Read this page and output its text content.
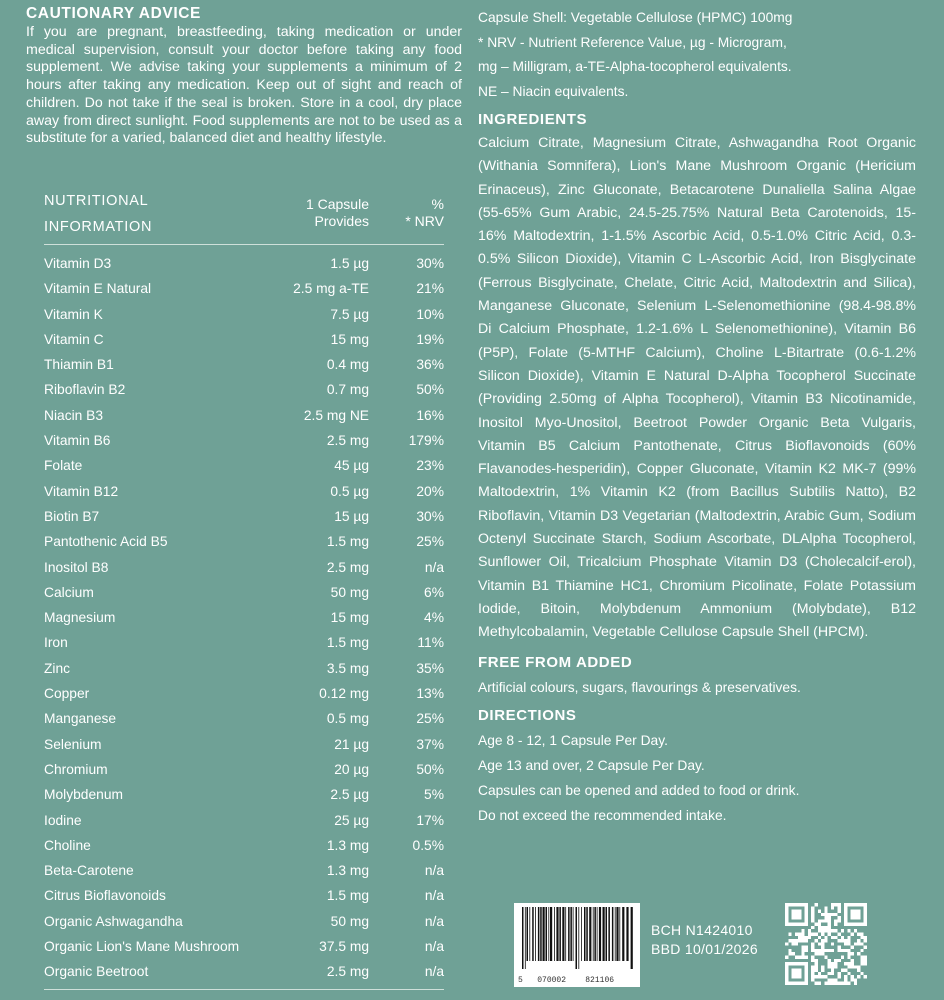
CAUTIONARY ADVICE

If you are pregnant, breastfeeding, taking medication or under medical supervision, consult your doctor before taking any food supplement. We advise taking your supplements a minimum of 2 hours after taking any medication. Keep out of sight and reach of children. Do not take if the seal is broken. Store in a cool, dry place away from direct sunlight. Food supplements are not to be used as a substitute for a varied, balanced diet and healthy lifestyle.

NUTRITIONAL
INFORMATION
1 Capsule
Provides
%
* NRV
Vitamin D3	1.5 µg	30%
Vitamin E Natural	2.5 mg a-TE	21%
Vitamin K	7.5 µg	10%
Vitamin C	15 mg	19%
Thiamin B1	0.4 mg	36%
Riboflavin B2	0.7 mg	50%
Niacin B3	2.5 mg NE	16%
Vitamin B6	2.5 mg	179%
Folate	45 µg	23%
Vitamin B12	0.5 µg	20%
Biotin B7	15 µg	30%
Pantothenic Acid B5	1.5 mg	25%
Inositol B8	2.5 mg	n/a
Calcium	50 mg	6%
Magnesium	15 mg	4%
Iron	1.5 mg	11%
Zinc	3.5 mg	35%
Copper	0.12 mg	13%
Manganese	0.5 mg	25%
Selenium	21 µg	37%
Chromium	20 µg	50%
Molybdenum	2.5 µg	5%
Iodine	25 µg	17%
Choline	1.3 mg	0.5%
Beta-Carotene	1.3 mg	n/a
Citrus Bioflavonoids	1.5 mg	n/a
Organic Ashwagandha	50 mg	n/a
Organic Lion's Mane Mushroom	37.5 mg	n/a
Organic Beetroot	2.5 mg	n/a

Capsule Shell: Vegetable Cellulose (HPMC) 100mg

* NRV - Nutrient Reference Value, µg - Microgram,

mg – Milligram, a-TE-Alpha-tocopherol equivalents.

NE – Niacin equivalents.

INGREDIENTS

Calcium Citrate, Magnesium Citrate, Ashwagandha Root Organic (Withania Somnifera), Lion's Mane Mushroom Organic (Hericium Erinaceus), Zinc Gluconate, Betacarotene Dunaliella Salina Algae (55-65% Gum Arabic, 24.5-25.75% Natural Beta Carotenoids, 15-16% Maltodextrin, 1-1.5% Ascorbic Acid, 0.5-1.0% Citric Acid, 0.3-0.5% Silicon Dioxide), Vitamin C L-Ascorbic Acid, Iron Bisglycinate (Ferrous Bisglycinate, Chelate, Citric Acid, Maltodextrin and Silica), Manganese Gluconate, Selenium L-Selenomethionine (98.4-98.8% Di Calcium Phosphate, 1.2-1.6% L Selenomethionine), Vitamin B6 (P5P), Folate (5-MTHF Calcium), Choline L-Bitartrate (0.6-1.2% Silicon Dioxide), Vitamin E Natural D-Alpha Tocopherol Succinate (Providing 2.50mg of Alpha Tocopherol), Vitamin B3 Nicotinamide, Inositol Myo-Unositol, Beetroot Powder Organic Beta Vulgaris, Vitamin B5 Calcium Pantothenate, Citrus Bioflavonoids (60% Flavanodes-hesperidin), Copper Gluconate, Vitamin K2 MK-7 (99% Maltodextrin, 1% Vitamin K2 (from Bacillus Subtilis Natto), B2 Riboflavin, Vitamin D3 Vegetarian (Maltodextrin, Arabic Gum, Sodium Octenyl Succinate Starch, Sodium Ascorbate, DLAlpha Tocopherol, Sunflower Oil, Tricalcium Phosphate Vitamin D3 (Cholecalcif-erol), Vitamin B1 Thiamine HC1, Chromium Picolinate, Folate Potassium Iodide, Bitoin, Molybdenum Ammonium (Molybdate), B12 Methylcobalamin, Vegetable Cellulose Capsule Shell (HPCM).

FREE FROM ADDED

Artificial colours, sugars, flavourings & preservatives.

DIRECTIONS

Age 8 - 12, 1 Capsule Per Day.

Age 13 and over, 2 Capsule Per Day.

Capsules can be opened and added to food or drink.

Do not exceed the recommended intake.

5 070002 821106
BCH N1424010
BBD 10/01/2026
